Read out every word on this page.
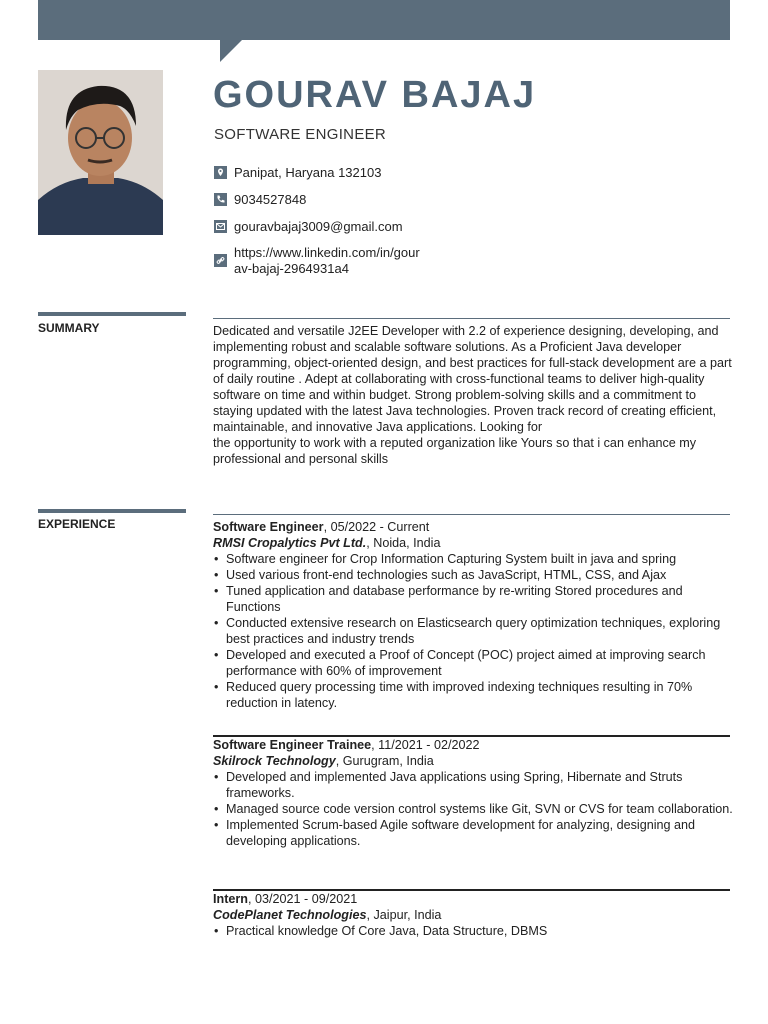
GOURAV BAJAJ
SOFTWARE ENGINEER
Panipat, Haryana 132103
9034527848
gouravbajaj3009@gmail.com
https://www.linkedin.com/in/gour
av-bajaj-2964931a4
SUMMARY	Dedicated and versatile J2EE Developer with 2.2 of experience designing, developing, and implementing robust and scalable software solutions. As a Proficient Java developer programming, object-oriented design, and best practices for full-stack development are a part of daily routine . Adept at collaborating with cross-functional teams to deliver high-quality software on time and within budget. Strong problem-solving skills and a commitment to staying updated with the latest Java technologies. Proven track record of creating efficient, maintainable, and innovative Java applications. Looking for

the opportunity to work with a reputed organization like Yours so that i can enhance my professional and personal skills

EXPERIENCE	Software Engineer, 05/2022 - Current
RMSI Cropalytics Pvt Ltd., Noida, India
• Software engineer for Crop Information Capturing System built in java and spring
• Used various front-end technologies such as JavaScript, HTML, CSS, and Ajax
• Tuned application and database performance by re-writing Stored procedures and Functions
• Conducted extensive research on Elasticsearch query optimization techniques, exploring best practices and industry trends
• Developed and executed a Proof of Concept (POC) project aimed at improving search performance with 60% of improvement
• Reduced query processing time with improved indexing techniques resulting in 70% reduction in latency.
Software Engineer Trainee, 11/2021 - 02/2022
Skilrock Technology, Gurugram, India
• Developed and implemented Java applications using Spring, Hibernate and Struts frameworks.
• Managed source code version control systems like Git, SVN or CVS for team collaboration.
• Implemented Scrum-based Agile software development for analyzing, designing and developing applications.
Intern, 03/2021 - 09/2021
CodePlanet Technologies, Jaipur, India
• Practical knowledge Of Core Java, Data Structure, DBMS
